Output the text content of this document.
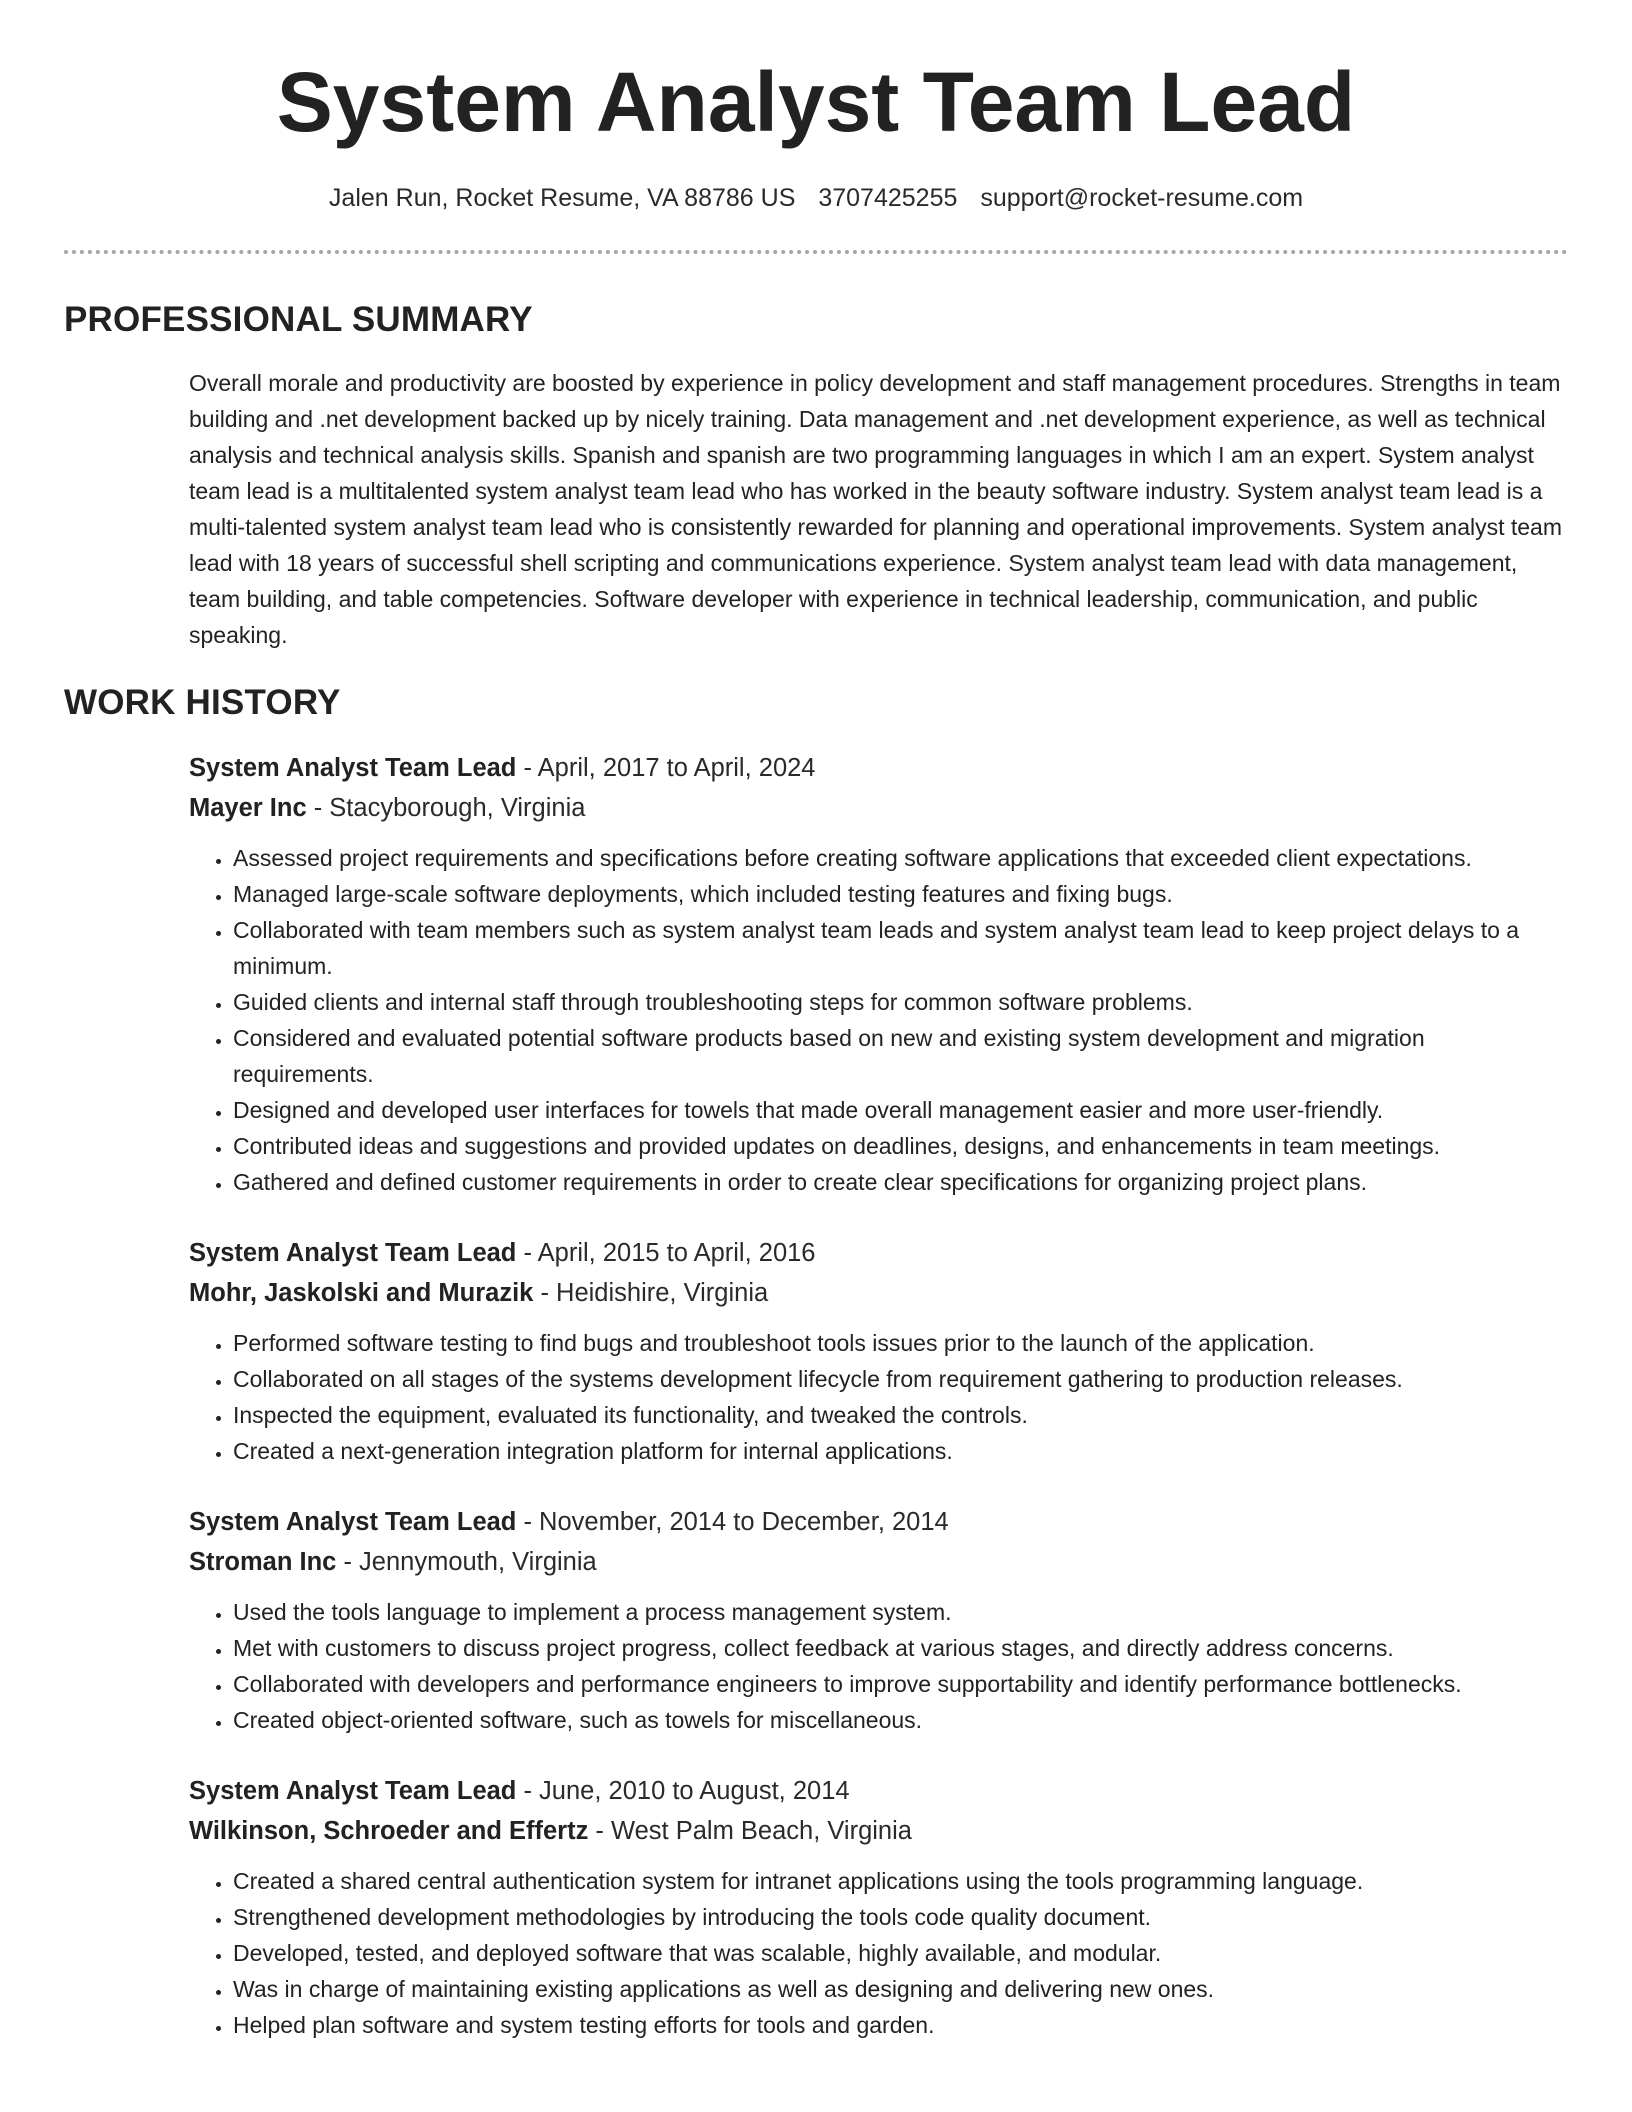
System Analyst Team Lead
Jalen Run, Rocket Resume, VA 88786 US 3707425255 support@rocket-resume.com
PROFESSIONAL SUMMARY

Overall morale and productivity are boosted by experience in policy development and staff management procedures. Strengths in team building and .net development backed up by nicely training. Data management and .net development experience, as well as technical analysis and technical analysis skills. Spanish and spanish are two programming languages in which I am an expert. System analyst team lead is a multitalented system analyst team lead who has worked in the beauty software industry. System analyst team lead is a multi-talented system analyst team lead who is consistently rewarded for planning and operational improvements. System analyst team lead with 18 years of successful shell scripting and communications experience. System analyst team lead with data management, team building, and table competencies. Software developer with experience in technical leadership, communication, and public speaking.

WORK HISTORY
System Analyst Team Lead - April, 2017 to April, 2024
Mayer Inc - Stacyborough, Virginia
• Assessed project requirements and specifications before creating software applications that exceeded client expectations.
• Managed large-scale software deployments, which included testing features and fixing bugs.
• Collaborated with team members such as system analyst team leads and system analyst team lead to keep project delays to a minimum.
• Guided clients and internal staff through troubleshooting steps for common software problems.
• Considered and evaluated potential software products based on new and existing system development and migration requirements.
• Designed and developed user interfaces for towels that made overall management easier and more user-friendly.
• Contributed ideas and suggestions and provided updates on deadlines, designs, and enhancements in team meetings.
• Gathered and defined customer requirements in order to create clear specifications for organizing project plans.
System Analyst Team Lead - April, 2015 to April, 2016
Mohr, Jaskolski and Murazik - Heidishire, Virginia
• Performed software testing to find bugs and troubleshoot tools issues prior to the launch of the application.
• Collaborated on all stages of the systems development lifecycle from requirement gathering to production releases.
• Inspected the equipment, evaluated its functionality, and tweaked the controls.
• Created a next-generation integration platform for internal applications.
System Analyst Team Lead - November, 2014 to December, 2014
Stroman Inc - Jennymouth, Virginia
• Used the tools language to implement a process management system.
• Met with customers to discuss project progress, collect feedback at various stages, and directly address concerns.
• Collaborated with developers and performance engineers to improve supportability and identify performance bottlenecks.
• Created object-oriented software, such as towels for miscellaneous.
System Analyst Team Lead - June, 2010 to August, 2014
Wilkinson, Schroeder and Effertz - West Palm Beach, Virginia
• Created a shared central authentication system for intranet applications using the tools programming language.
• Strengthened development methodologies by introducing the tools code quality document.
• Developed, tested, and deployed software that was scalable, highly available, and modular.
• Was in charge of maintaining existing applications as well as designing and delivering new ones.
• Helped plan software and system testing efforts for tools and garden.
